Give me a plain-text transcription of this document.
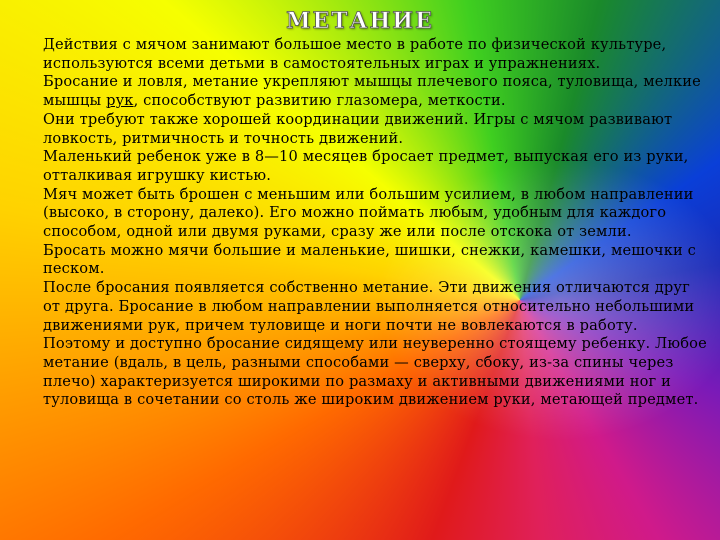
МЕТАНИЕ

Действия с мячом занимают большое место в работе по физической культуре, используются всеми детьми в самостоятельных играх и упражнениях.

Бросание и ловля, метание укрепляют мышцы плечевого пояса, туловища, мелкие мышцы рук, способствуют развитию глазомера, меткости.

Они требуют также хорошей координации движений. Игры с мячом развивают ловкость, ритмичность и точность движений.

Маленький ребенок уже в 8—10 месяцев бросает предмет, выпуская его из руки, отталкивая игрушку кистью.

Мяч может быть брошен с меньшим или большим усилием, в любом направлении (высоко, в сторону, далеко). Его можно поймать любым, удобным для каждого способом, одной или двумя руками, сразу же или после отскока от земли.

Бросать можно мячи большие и маленькие, шишки, снежки, камешки, мешочки с песком.

После бросания появляется собственно метание. Эти движения отличаются друг от друга. Бросание в любом направлении выполняется относительно небольшими движениями рук, причем туловище и ноги почти не вовлекаются в работу. Поэтому и доступно бросание сидящему или неуверенно стоящему ребенку. Любое метание (вдаль, в цель, разными способами — сверху, сбоку, из-за спины через плечо) характеризуется широкими по размаху и активными движениями ног и туловища в сочетании со столь же широким движением руки, метающей предмет.
